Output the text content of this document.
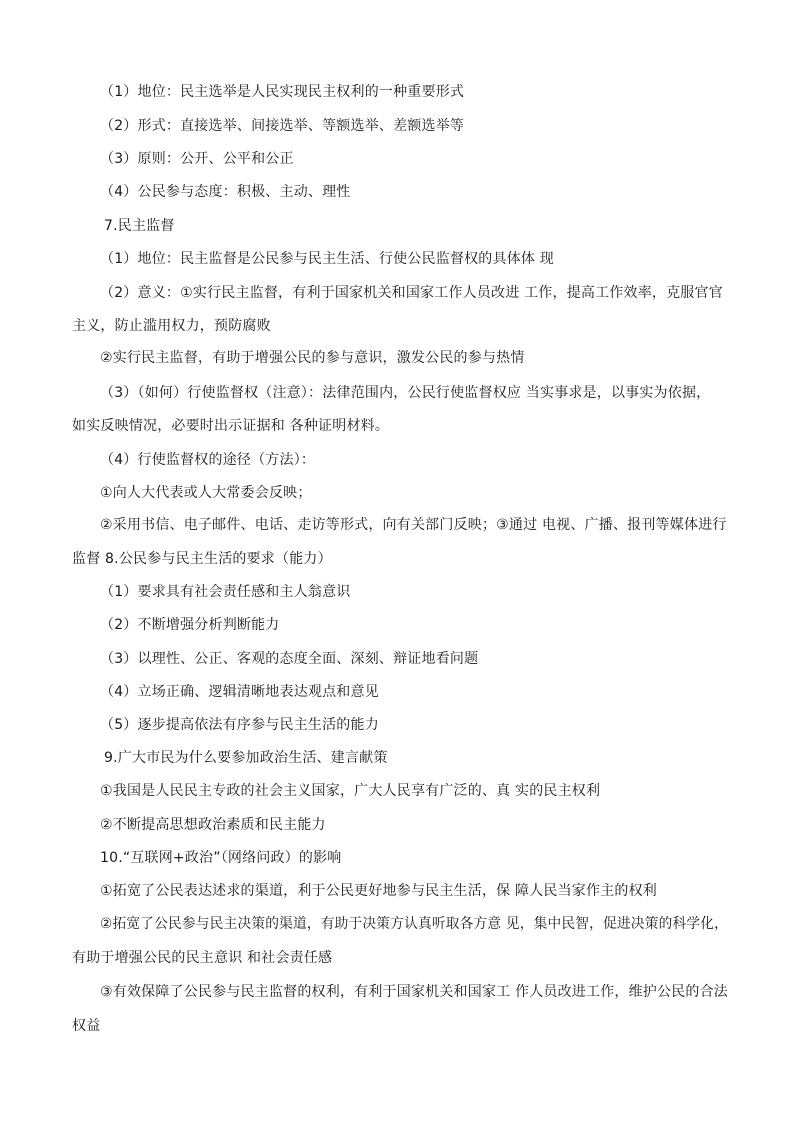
（1）地位：民主选举是人民实现民主权利的一种重要形式
（2）形式：直接选举、间接选举、等额选举、差额选举等
（3）原则：公开、公平和公正
（4）公民参与态度：积极、主动、理性
7.民主监督
（1）地位：民主监督是公民参与民主生活、行使公民监督权的具体体 现
（2）意义：①实行民主监督，有利于国家机关和国家工作人员改进 工作，提高工作效率，克服官官
主义，防止滥用权力，预防腐败
②实行民主监督，有助于增强公民的参与意识，激发公民的参与热情
（3）（如何）行使监督权（注意）：法律范围内，公民行使监督权应 当实事求是，以事实为依据，
如实反映情况，必要时出示证据和 各种证明材料。
（4）行使监督权的途径（方法）：
①向人大代表或人大常委会反映；
②采用书信、电子邮件、电话、走访等形式，向有关部门反映；③通过 电视、广播、报刊等媒体进行
监督 8.公民参与民主生活的要求（能力）
（1）要求具有社会责任感和主人翁意识
（2）不断增强分析判断能力
（3）以理性、公正、客观的态度全面、深刻、辩证地看问题
（4）立场正确、逻辑清晰地表达观点和意见
（5）逐步提高依法有序参与民主生活的能力
9.广大市民为什么要参加政治生活、建言献策
①我国是人民民主专政的社会主义国家，广大人民享有广泛的、真 实的民主权利
②不断提高思想政治素质和民主能力
10.“互联网+政治”（网络问政）的影响
①拓宽了公民表达述求的渠道，利于公民更好地参与民主生活，保 障人民当家作主的权利
②拓宽了公民参与民主决策的渠道，有助于决策方认真听取各方意 见，集中民智，促进决策的科学化，
有助于增强公民的民主意识 和社会责任感
③有效保障了公民参与民主监督的权利，有利于国家机关和国家工 作人员改进工作，维护公民的合法
权益
